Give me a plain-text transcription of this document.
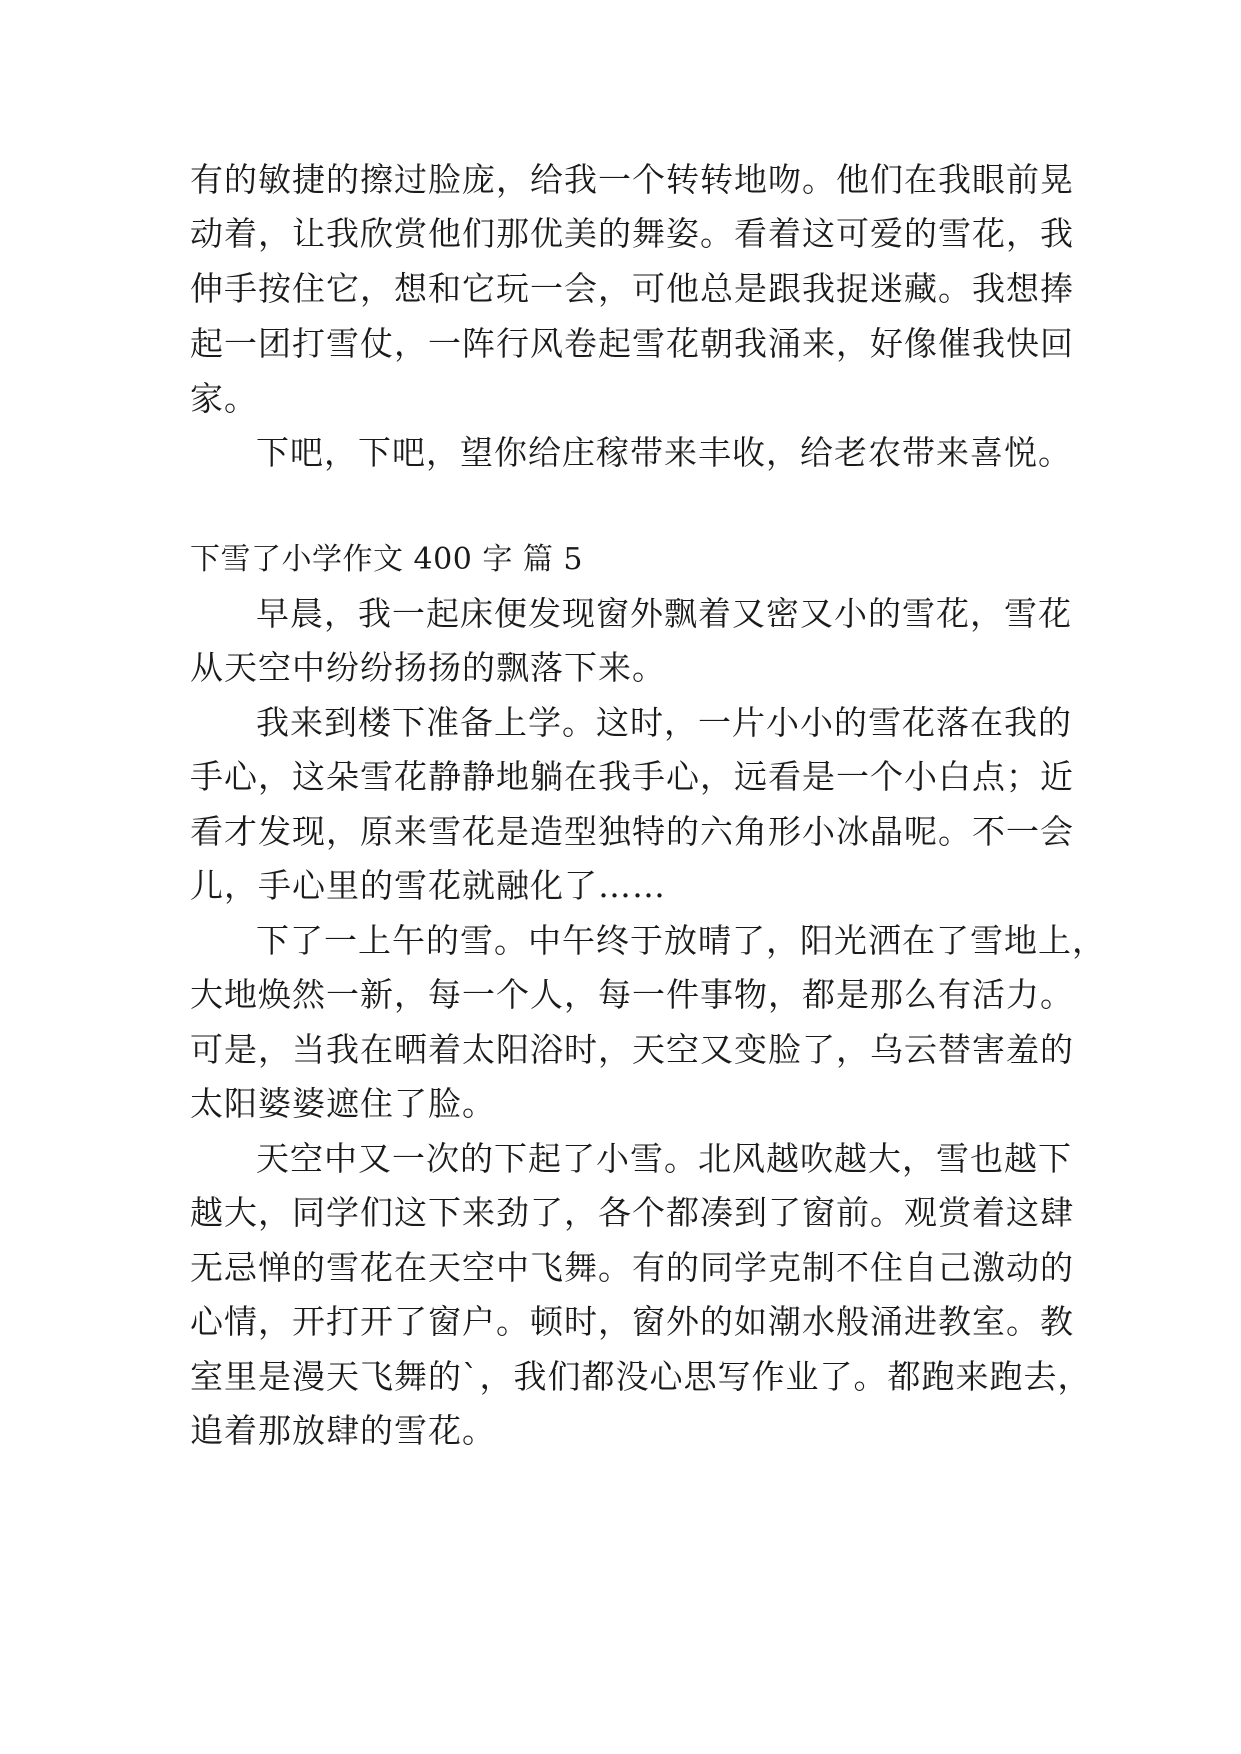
有的敏捷的擦过脸庞，给我一个转转地吻。他们在我眼前晃
动着，让我欣赏他们那优美的舞姿。看着这可爱的雪花，我
伸手按住它，想和它玩一会，可他总是跟我捉迷藏。我想捧
起一团打雪仗，一阵行风卷起雪花朝我涌来，好像催我快回
家。
下吧，下吧，望你给庄稼带来丰收，给老农带来喜悦。
下雪了小学作文 400 字 篇 5
早晨，我一起床便发现窗外飘着又密又小的雪花，雪花
从天空中纷纷扬扬的飘落下来。
我来到楼下准备上学。这时，一片小小的雪花落在我的
手心，这朵雪花静静地躺在我手心，远看是一个小白点；近
看才发现，原来雪花是造型独特的六角形小冰晶呢。不一会
儿，手心里的雪花就融化了……
下了一上午的雪。中午终于放晴了，阳光洒在了雪地上，
大地焕然一新，每一个人，每一件事物，都是那么有活力。
可是，当我在晒着太阳浴时，天空又变脸了，乌云替害羞的
太阳婆婆遮住了脸。
天空中又一次的下起了小雪。北风越吹越大，雪也越下
越大，同学们这下来劲了，各个都凑到了窗前。观赏着这肆
无忌惮的雪花在天空中飞舞。有的同学克制不住自己激动的
心情，开打开了窗户。顿时，窗外的如潮水般涌进教室。教
室里是漫天飞舞的`，我们都没心思写作业了。都跑来跑去，
追着那放肆的雪花。
